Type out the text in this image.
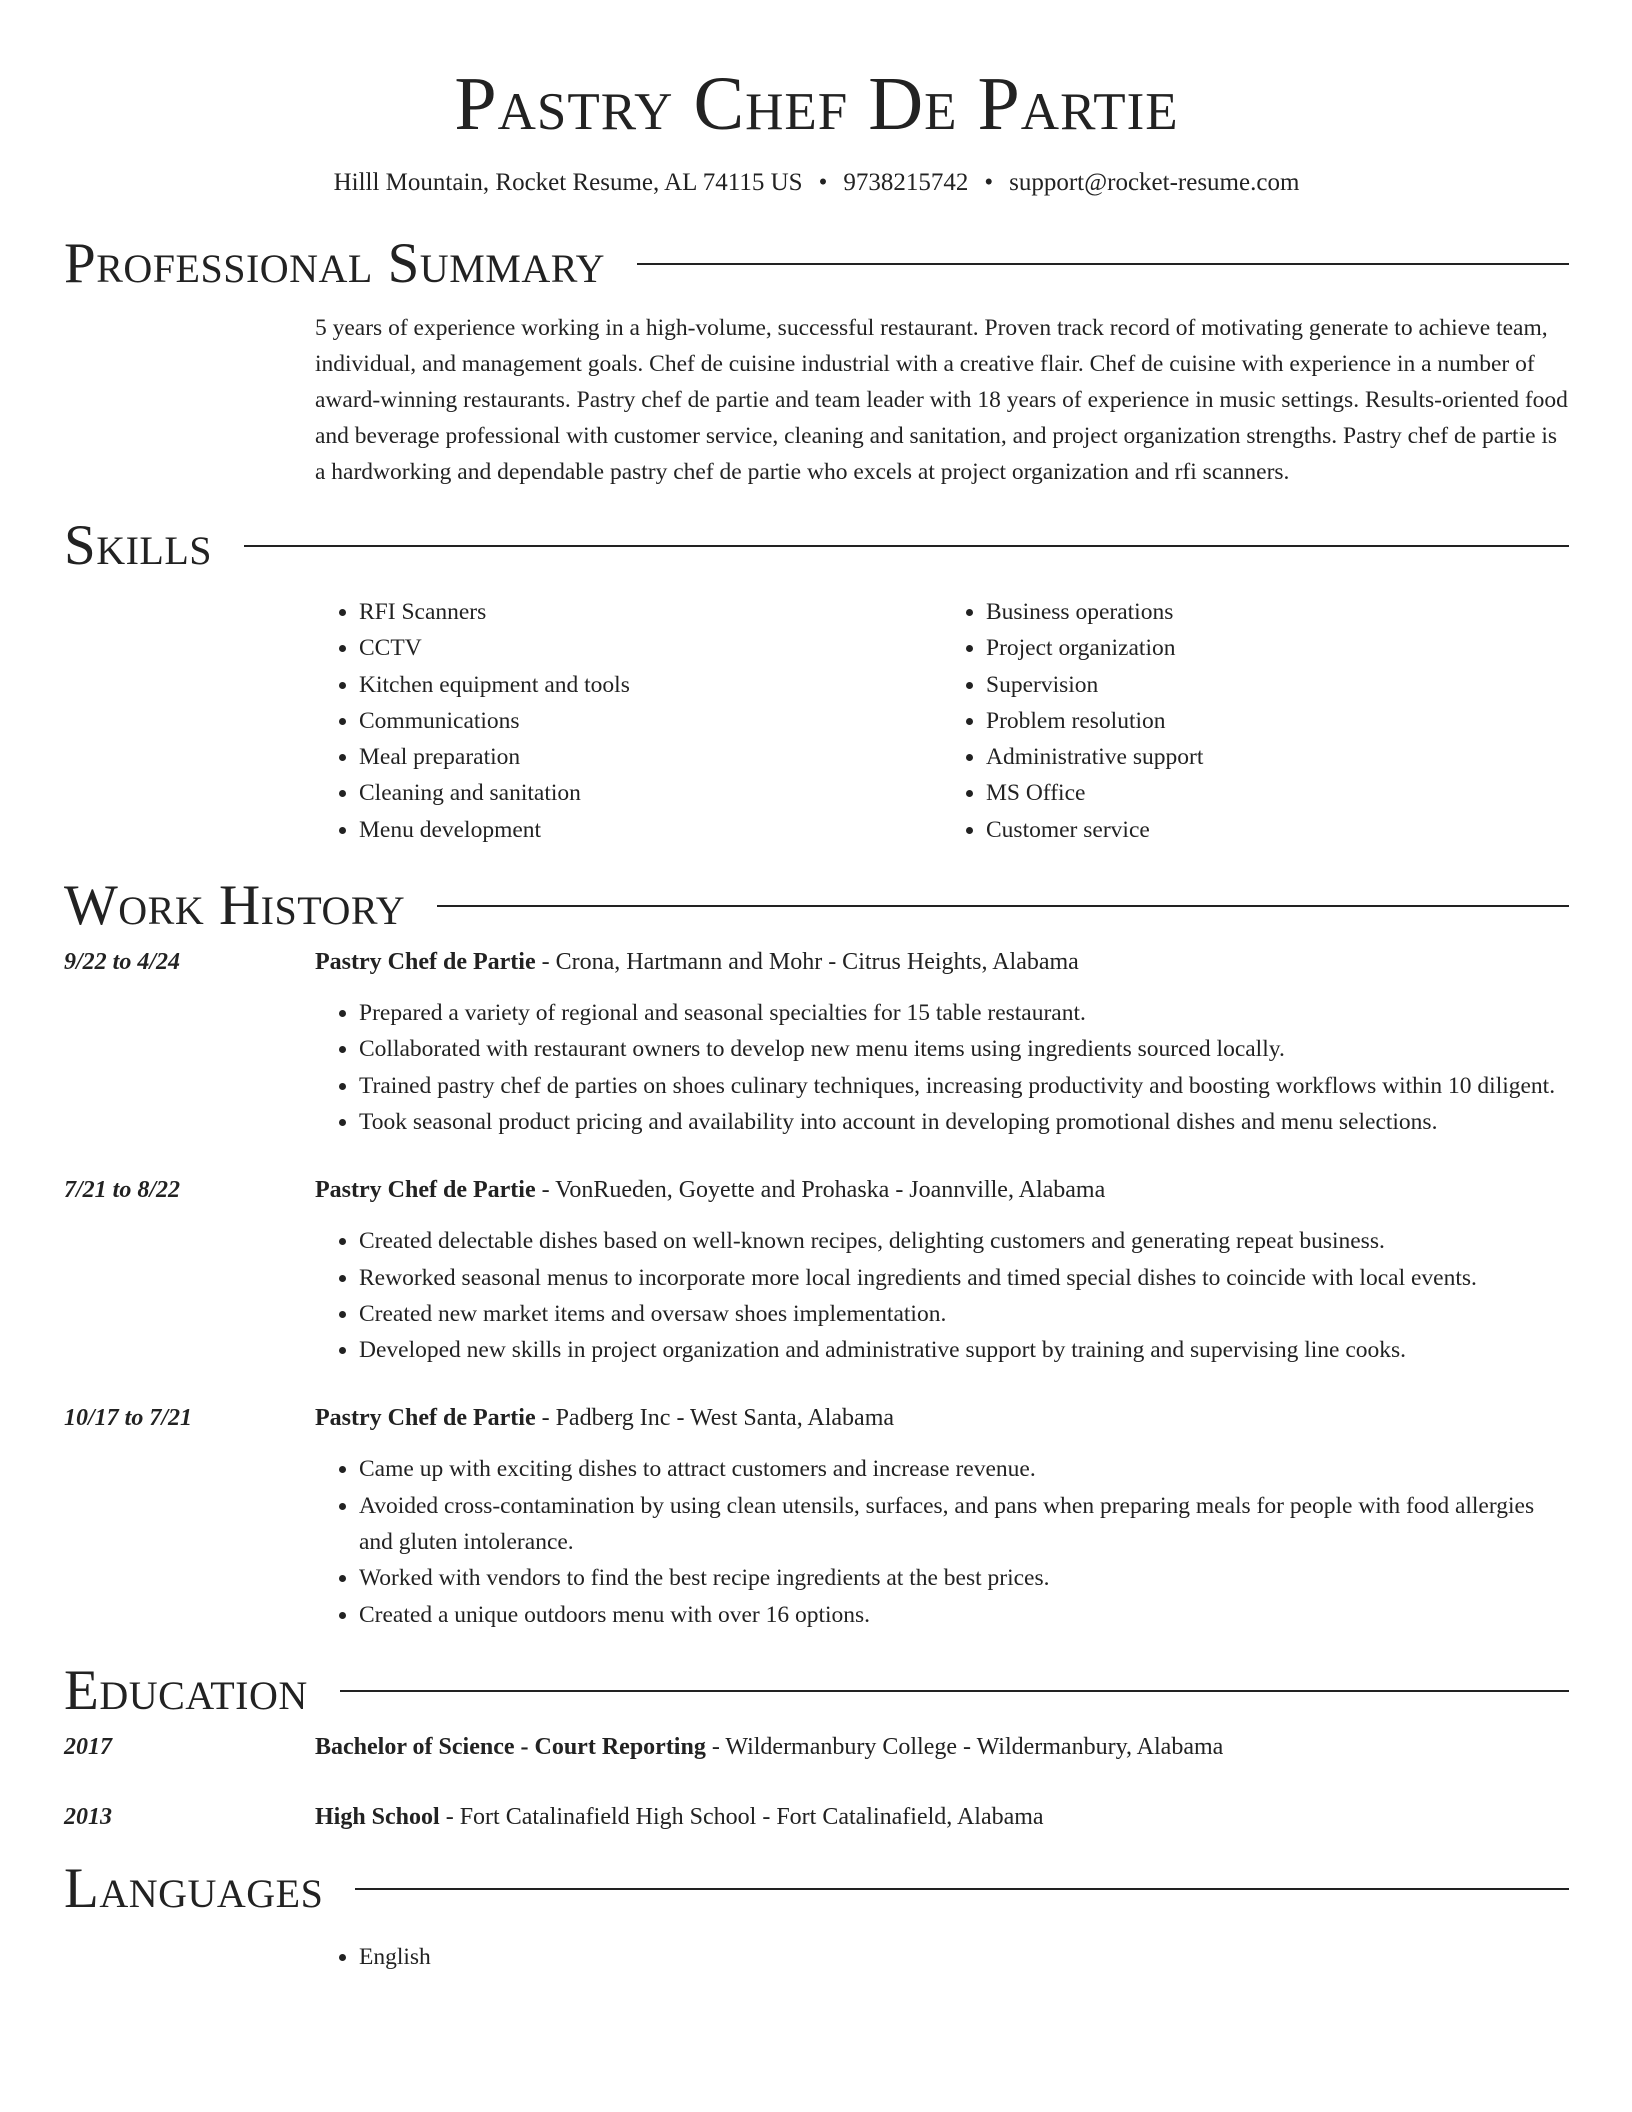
Pastry Chef De Partie
Hilll Mountain, Rocket Resume, AL 74115 US • 9738215742 • support@rocket-resume.com
Professional Summary
5 years of experience working in a high-volume, successful restaurant. Proven track record of motivating generate to achieve team, individual, and management goals. Chef de cuisine industrial with a creative flair. Chef de cuisine with experience in a number of award-winning restaurants. Pastry chef de partie and team leader with 18 years of experience in music settings. Results-oriented food and beverage professional with customer service, cleaning and sanitation, and project organization strengths. Pastry chef de partie is a hardworking and dependable pastry chef de partie who excels at project organization and rfi scanners.
Skills
• RFI Scanners
• CCTV
• Kitchen equipment and tools
• Communications
• Meal preparation
• Cleaning and sanitation
• Menu development
• Business operations
• Project organization
• Supervision
• Problem resolution
• Administrative support
• MS Office
• Customer service
Work History
9/22 to 4/24	Pastry Chef de Partie - Crona, Hartmann and Mohr - Citrus Heights, Alabama
• Prepared a variety of regional and seasonal specialties for 15 table restaurant.
• Collaborated with restaurant owners to develop new menu items using ingredients sourced locally.
• Trained pastry chef de parties on shoes culinary techniques, increasing productivity and boosting workflows within 10 diligent.
• Took seasonal product pricing and availability into account in developing promotional dishes and menu selections.
7/21 to 8/22	Pastry Chef de Partie - VonRueden, Goyette and Prohaska - Joannville, Alabama
• Created delectable dishes based on well-known recipes, delighting customers and generating repeat business.
• Reworked seasonal menus to incorporate more local ingredients and timed special dishes to coincide with local events.
• Created new market items and oversaw shoes implementation.
• Developed new skills in project organization and administrative support by training and supervising line cooks.
10/17 to 7/21	Pastry Chef de Partie - Padberg Inc - West Santa, Alabama
• Came up with exciting dishes to attract customers and increase revenue.
• Avoided cross-contamination by using clean utensils, surfaces, and pans when preparing meals for people with food allergies and gluten intolerance.
• Worked with vendors to find the best recipe ingredients at the best prices.
• Created a unique outdoors menu with over 16 options.
Education
2017	Bachelor of Science - Court Reporting - Wildermanbury College - Wildermanbury, Alabama
2013	High School - Fort Catalinafield High School - Fort Catalinafield, Alabama
Languages
• English
